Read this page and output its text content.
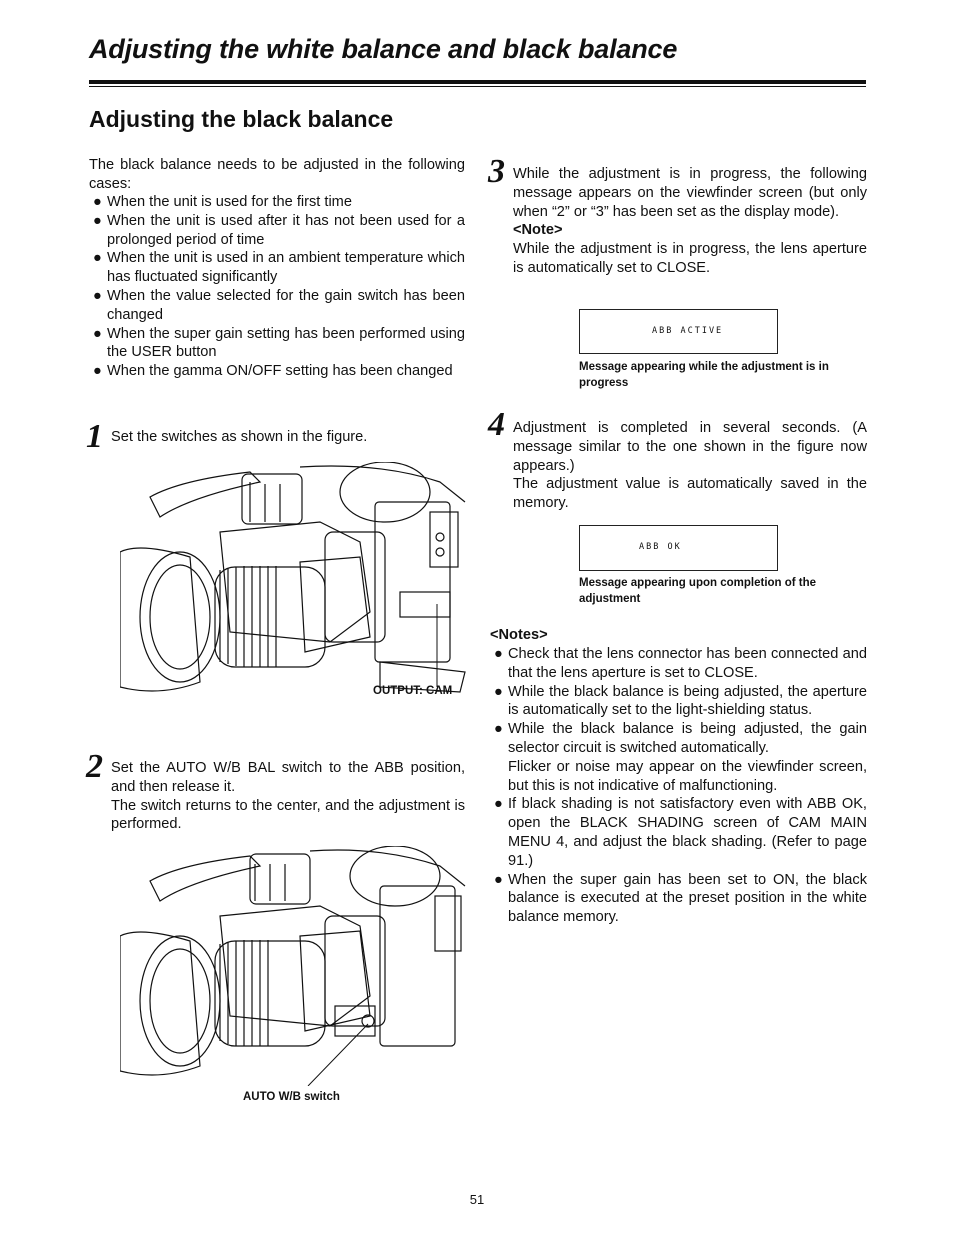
Adjusting the white balance and black balance
Adjusting the black balance
The black balance needs to be adjusted in the following cases:
● When the unit is used for the first time
● When the unit is used after it has not been used for a prolonged period of time
● When the unit is used in an ambient temperature which has fluctuated significantly
● When the value selected for the gain switch has been changed
● When the super gain setting has been performed using the USER button
● When the gamma ON/OFF setting has been changed
1 Set the switches as shown in the figure.
OUTPUT: CAM
2 Set the AUTO W/B BAL switch to the ABB position, and then release it.
The switch returns to the center, and the adjustment is performed.
AUTO W/B switch
3 While the adjustment is in progress, the following message appears on the viewfinder screen (but only when “2” or “3” has been set as the display mode).
<Note>
While the adjustment is in progress, the lens aperture is automatically set to CLOSE.
ABB ACTIVE
Message appearing while the adjustment is in progress
4 Adjustment is completed in several seconds. (A message similar to the one shown in the figure now appears.)
The adjustment value is automatically saved in the memory.
ABB OK
Message appearing upon completion of the adjustment
<Notes>
● Check that the lens connector has been connected and that the lens aperture is set to CLOSE.
● While the black balance is being adjusted, the aperture is automatically set to the light-shielding status.
● While the black balance is being adjusted, the gain selector circuit is switched automatically.
Flicker or noise may appear on the viewfinder screen, but this is not indicative of malfunctioning.
● If black shading is not satisfactory even with ABB OK, open the BLACK SHADING screen of CAM MAIN MENU 4, and adjust the black shading. (Refer to page 91.)
● When the super gain has been set to ON, the black balance is executed at the preset position in the white balance memory.
51
